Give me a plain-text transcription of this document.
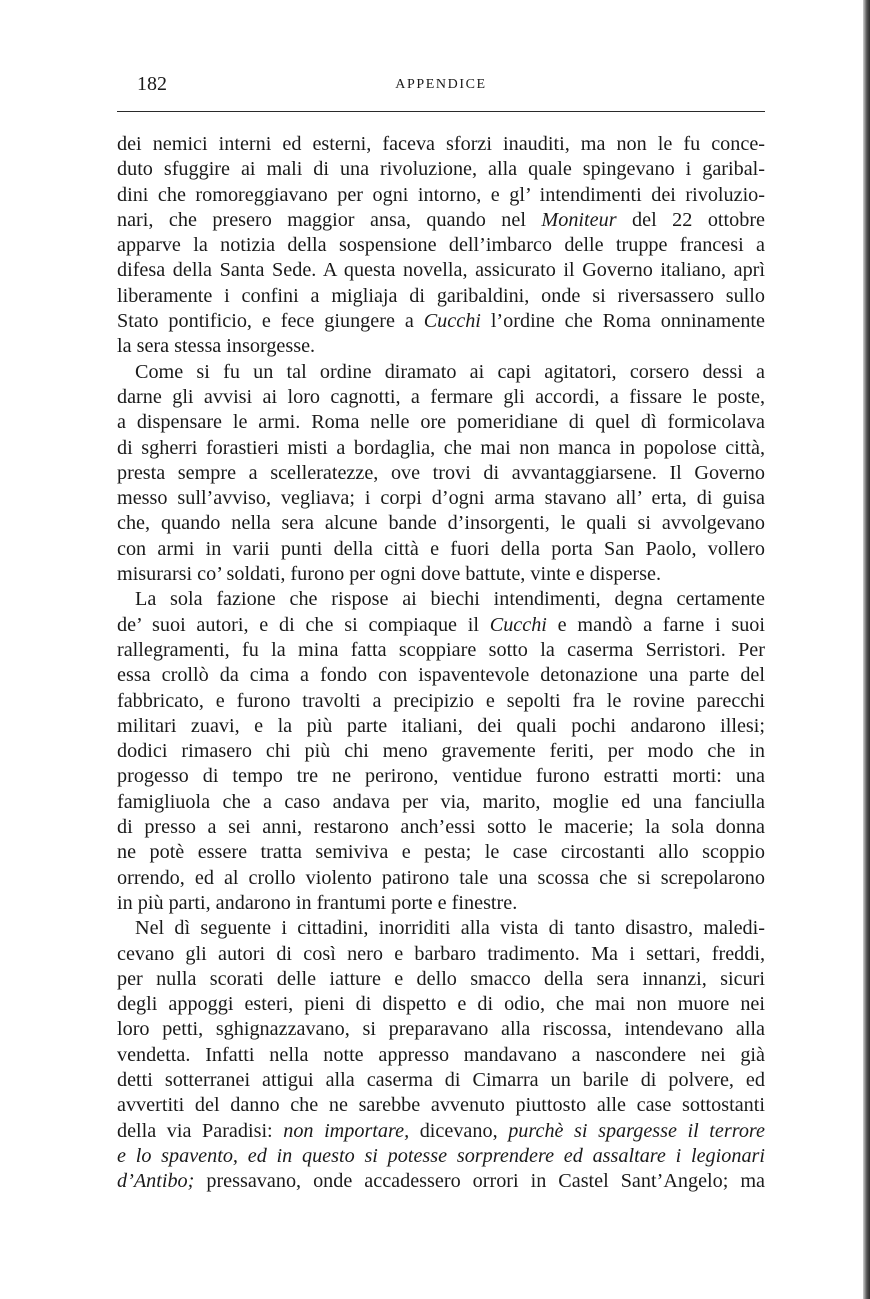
182	APPENDICE
dei nemici interni ed esterni, faceva sforzi inauditi, ma non le fu conce-
duto sfuggire ai mali di una rivoluzione, alla quale spingevano i garibal-
dini che romoreggiavano per ogni intorno, e gl’ intendimenti dei rivoluzio-
nari, che presero maggior ansa, quando nel Moniteur del 22 ottobre
apparve la notizia della sospensione dell’imbarco delle truppe francesi a
difesa della Santa Sede. A questa novella, assicurato il Governo italiano, aprì
liberamente i confini a migliaja di garibaldini, onde si riversassero sullo
Stato pontificio, e fece giungere a Cucchi l’ordine che Roma onninamente
la sera stessa insorgesse.
Come si fu un tal ordine diramato ai capi agitatori, corsero dessi a
darne gli avvisi ai loro cagnotti, a fermare gli accordi, a fissare le poste,
a dispensare le armi. Roma nelle ore pomeridiane di quel dì formicolava
di sgherri forastieri misti a bordaglia, che mai non manca in popolose città,
presta sempre a scelleratezze, ove trovi di avvantaggiarsene. Il Governo
messo sull’avviso, vegliava; i corpi d’ogni arma stavano all’ erta, di guisa
che, quando nella sera alcune bande d’insorgenti, le quali si avvolgevano
con armi in varii punti della città e fuori della porta San Paolo, vollero
misurarsi co’ soldati, furono per ogni dove battute, vinte e disperse.
La sola fazione che rispose ai biechi intendimenti, degna certamente
de’ suoi autori, e di che si compiaque il Cucchi e mandò a farne i suoi
rallegramenti, fu la mina fatta scoppiare sotto la caserma Serristori. Per
essa crollò da cima a fondo con ispaventevole detonazione una parte del
fabbricato, e furono travolti a precipizio e sepolti fra le rovine parecchi
militari zuavi, e la più parte italiani, dei quali pochi andarono illesi;
dodici rimasero chi più chi meno gravemente feriti, per modo che in
progesso di tempo tre ne perirono, ventidue furono estratti morti: una
famigliuola che a caso andava per via, marito, moglie ed una fanciulla
di presso a sei anni, restarono anch’essi sotto le macerie; la sola donna
ne potè essere tratta semiviva e pesta; le case circostanti allo scoppio
orrendo, ed al crollo violento patirono tale una scossa che si screpolarono
in più parti, andarono in frantumi porte e finestre.
Nel dì seguente i cittadini, inorriditi alla vista di tanto disastro, maledi-
cevano gli autori di così nero e barbaro tradimento. Ma i settari, freddi,
per nulla scorati delle iatture e dello smacco della sera innanzi, sicuri
degli appoggi esteri, pieni di dispetto e di odio, che mai non muore nei
loro petti, sghignazzavano, si preparavano alla riscossa, intendevano alla
vendetta. Infatti nella notte appresso mandavano a nascondere nei già
detti sotterranei attigui alla caserma di Cimarra un barile di polvere, ed
avvertiti del danno che ne sarebbe avvenuto piuttosto alle case sottostanti
della via Paradisi: non importare, dicevano, purchè si spargesse il terrore
e lo spavento, ed in questo si potesse sorprendere ed assaltare i legionari
d’Antibo; pressavano, onde accadessero orrori in Castel Sant’Angelo; ma
